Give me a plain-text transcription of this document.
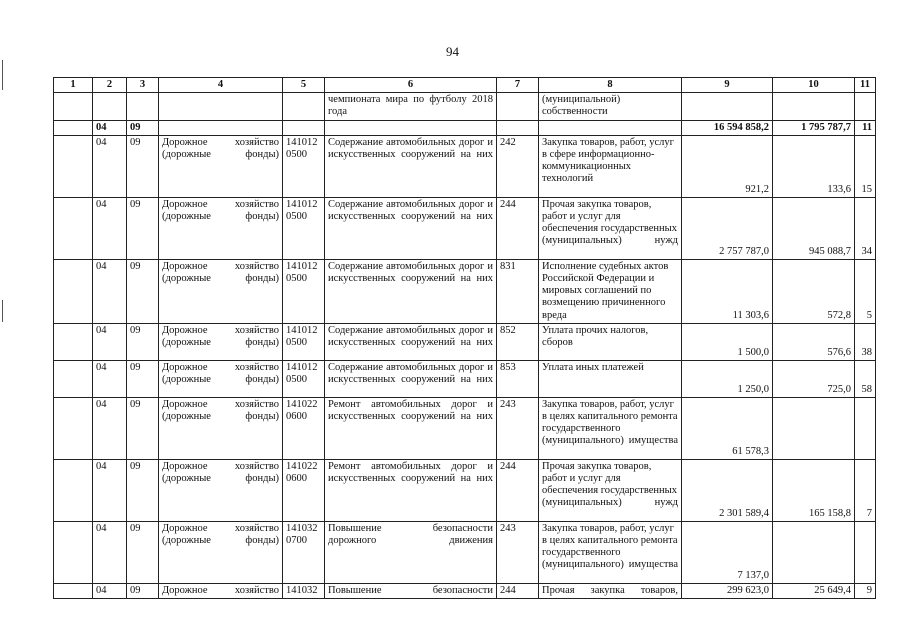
94
1	2	3	4	5	6	7	8	9	10	11
					чемпионата мира по футболу 2018 года		(муниципальной) собственности			
	04	09						16 594 858,2	1 795 787,7	11
	04	09	Дорожное хозяйство (дорожные фонды)	141012 0500	Содержание автомобильных дорог и искусственных сооружений на них	242	Закупка товаров, работ, услуг в сфере информационно-коммуникационных технологий	921,2	133,6	15
	04	09	Дорожное хозяйство (дорожные фонды)	141012 0500	Содержание автомобильных дорог и искусственных сооружений на них	244	Прочая закупка товаров, работ и услуг для обеспечения государственных (муниципальных) нужд	2 757 787,0	945 088,7	34
	04	09	Дорожное хозяйство (дорожные фонды)	141012 0500	Содержание автомобильных дорог и искусственных сооружений на них	831	Исполнение судебных актов Российской Федерации и мировых соглашений по возмещению причиненного вреда	11 303,6	572,8	5
	04	09	Дорожное хозяйство (дорожные фонды)	141012 0500	Содержание автомобильных дорог и искусственных сооружений на них	852	Уплата прочих налогов, сборов	1 500,0	576,6	38
	04	09	Дорожное хозяйство (дорожные фонды)	141012 0500	Содержание автомобильных дорог и искусственных сооружений на них	853	Уплата иных платежей	1 250,0	725,0	58
	04	09	Дорожное хозяйство (дорожные фонды)	141022 0600	Ремонт автомобильных дорог и искусственных сооружений на них	243	Закупка товаров, работ, услуг в целях капитального ремонта государственного (муниципального) имущества	61 578,3		
	04	09	Дорожное хозяйство (дорожные фонды)	141022 0600	Ремонт автомобильных дорог и искусственных сооружений на них	244	Прочая закупка товаров, работ и услуг для обеспечения государственных (муниципальных) нужд	2 301 589,4	165 158,8	7
	04	09	Дорожное хозяйство (дорожные фонды)	141032 0700	Повышение безопасности дорожного движения	243	Закупка товаров, работ, услуг в целях капитального ремонта государственного (муниципального) имущества	7 137,0		
	04	09	Дорожное хозяйство	141032	Повышение безопасности	244	Прочая закупка товаров,	299 623,0	25 649,4	9
